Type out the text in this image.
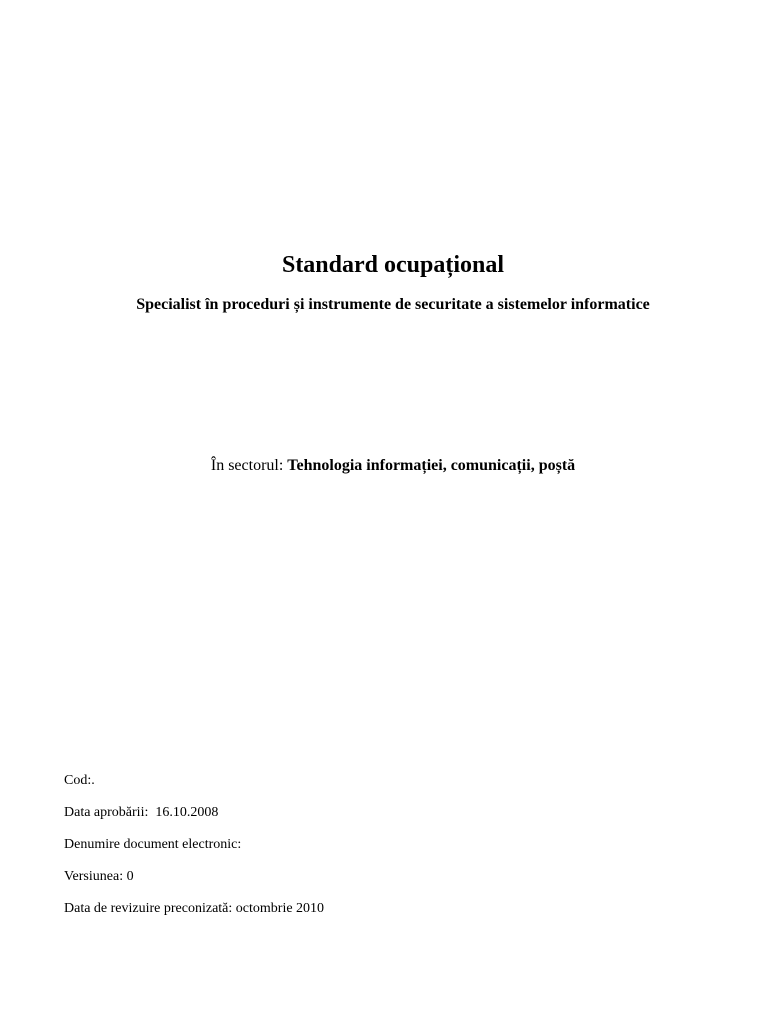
Standard ocupațional
Specialist în proceduri și instrumente de securitate a sistemelor informatice
În sectorul: Tehnologia informației, comunicații, poștă
Cod:.
Data aprobării: 16.10.2008
Denumire document electronic:
Versiunea: 0
Data de revizuire preconizată: octombrie 2010
